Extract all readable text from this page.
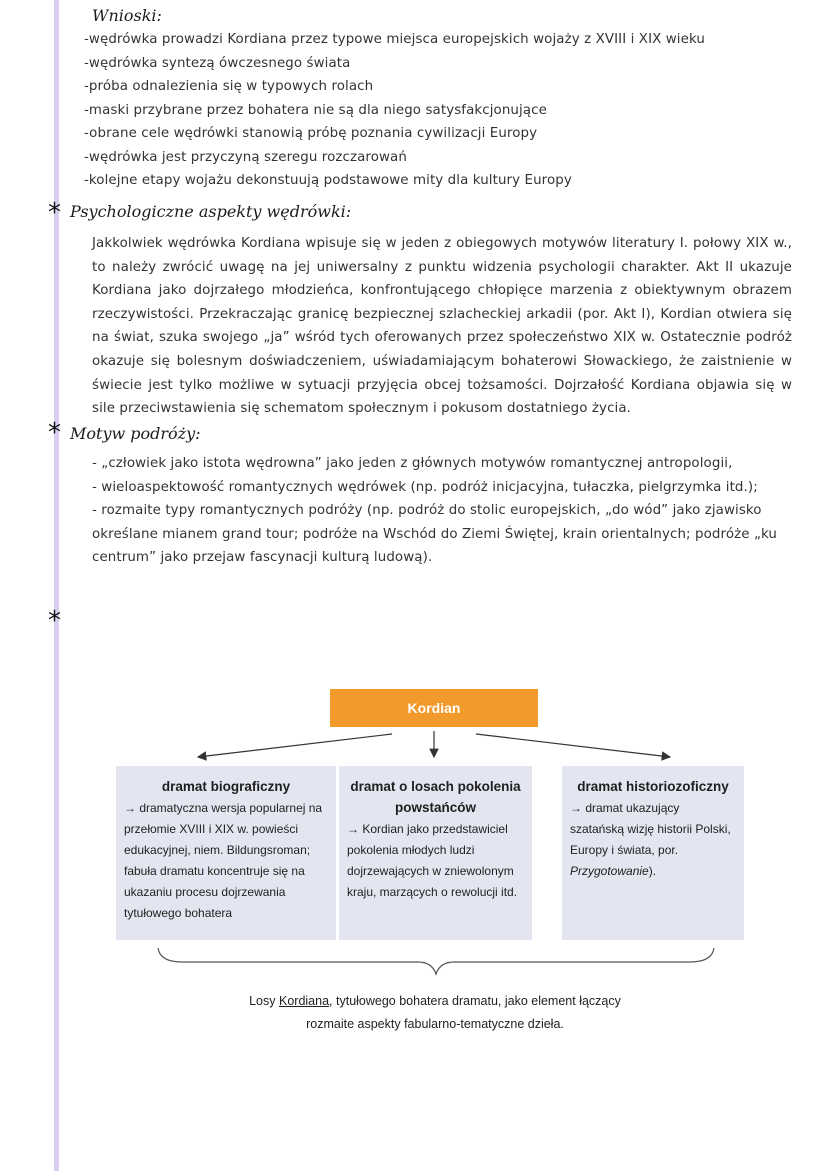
Wnioski:
-wędrówka prowadzi Kordiana przez typowe miejsca europejskich wojaży z XVIII i XIX wieku
-wędrówka syntezą ówczesnego świata
-próba odnalezienia się w typowych rolach
-maski przybrane przez bohatera nie są dla niego satysfakcjonujące
-obrane cele wędrówki stanowią próbę poznania cywilizacji Europy
-wędrówka jest przyczyną szeregu rozczarowań
-kolejne etapy wojażu dekonstuują podstawowe mity dla kultury Europy
* Psychologiczne aspekty wędrówki:

Jakkolwiek wędrówka Kordiana wpisuje się w jeden z obiegowych motywów literatury I. połowy XIX w., to należy zwrócić uwagę na jej uniwersalny z punktu widzenia psychologii charakter. Akt II ukazuje Kordiana jako dojrzałego młodzieńca, konfrontującego chłopięce marzenia z obiektywnym obrazem rzeczywistości. Przekraczając granicę bezpiecznej szlacheckiej arkadii (por. Akt I), Kordian otwiera się na świat, szuka swojego „ja” wśród tych oferowanych przez społeczeństwo XIX w. Ostatecznie podróż okazuje się bolesnym doświadczeniem, uświadamiającym bohaterowi Słowackiego, że zaistnienie w świecie jest tylko możliwe w sytuacji przyjęcia obcej tożsamości. Dojrzałość Kordiana objawia się w sile przeciwstawienia się schematom społecznym i pokusom dostatniego życia.

* Motyw podróży:
- „człowiek jako istota wędrowna” jako jeden z głównych motywów romantycznej antropologii,
- wieloaspektowość romantycznych wędrówek (np. podróż inicjacyjna, tułaczka, pielgrzymka itd.);
- rozmaite typy romantycznych podróży (np. podróż do stolic europejskich, „do wód” jako zjawisko określane mianem grand tour; podróże na Wschód do Ziemi Świętej, krain orientalnych; podróże „ku centrum” jako przejaw fascynacji kulturą ludową).
*
Kordian
dramat biograficzny

→ dramatyczna wersja popularnej na przełomie XVIII i XIX w. powieści edukacyjnej, niem. Bildungsroman; fabuła dramatu koncentruje się na ukazaniu procesu dojrzewania tytułowego bohatera

dramat o losach pokolenia powstańców

→ Kordian jako przedstawiciel pokolenia młodych ludzi dojrzewających w zniewolonym kraju, marzących o rewolucji itd.

dramat historiozoficzny

→ dramat ukazujący szatańską wizję historii Polski, Europy i świata, por. Przygotowanie).

Losy Kordiana, tytułowego bohatera dramatu, jako element łączący rozmaite aspekty fabularno-tematyczne dzieła.
